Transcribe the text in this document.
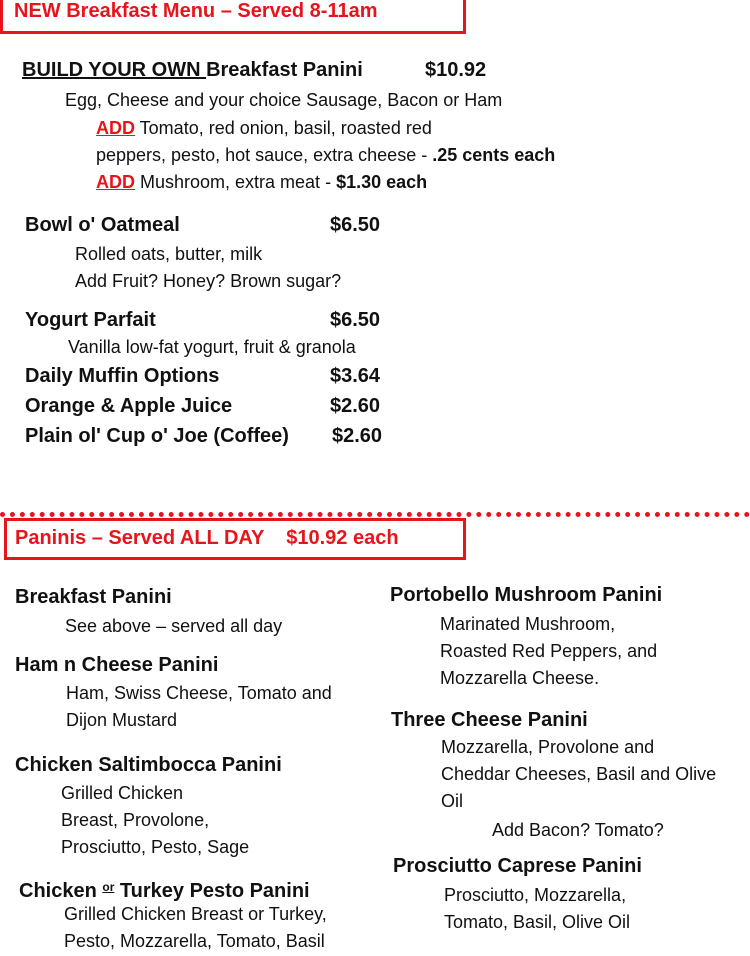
NEW Breakfast Menu – Served 8-11am
BUILD YOUR OWN Breakfast Panini	$10.92
Egg, Cheese and your choice Sausage, Bacon or Ham
ADD Tomato, red onion, basil, roasted red
peppers, pesto, hot sauce, extra cheese - .25 cents each
ADD Mushroom, extra meat - $1.30 each
Bowl o' Oatmeal	$6.50
Rolled oats, butter, milk
Add Fruit? Honey? Brown sugar?
Yogurt Parfait	$6.50
Vanilla low-fat yogurt, fruit & granola
Daily Muffin Options	$3.64
Orange & Apple Juice	$2.60
Plain ol' Cup o' Joe (Coffee) $2.60
Paninis – Served ALL DAY    $10.92 each
Breakfast Panini
See above – served all day
Ham n Cheese Panini
Ham, Swiss Cheese, Tomato and
Dijon Mustard
Chicken Saltimbocca Panini
Grilled Chicken
Breast, Provolone,
Prosciutto, Pesto, Sage
Chicken $^{or}$ Turkey Pesto Panini
Grilled Chicken Breast or Turkey,
Pesto, Mozzarella, Tomato, Basil
Portobello Mushroom Panini
Marinated Mushroom,
Roasted Red Peppers, and
Mozzarella Cheese.
Three Cheese Panini
Mozzarella, Provolone and
Cheddar Cheeses, Basil and Olive
Oil
Add Bacon? Tomato?
Prosciutto Caprese Panini
Prosciutto, Mozzarella,
Tomato, Basil, Olive Oil
